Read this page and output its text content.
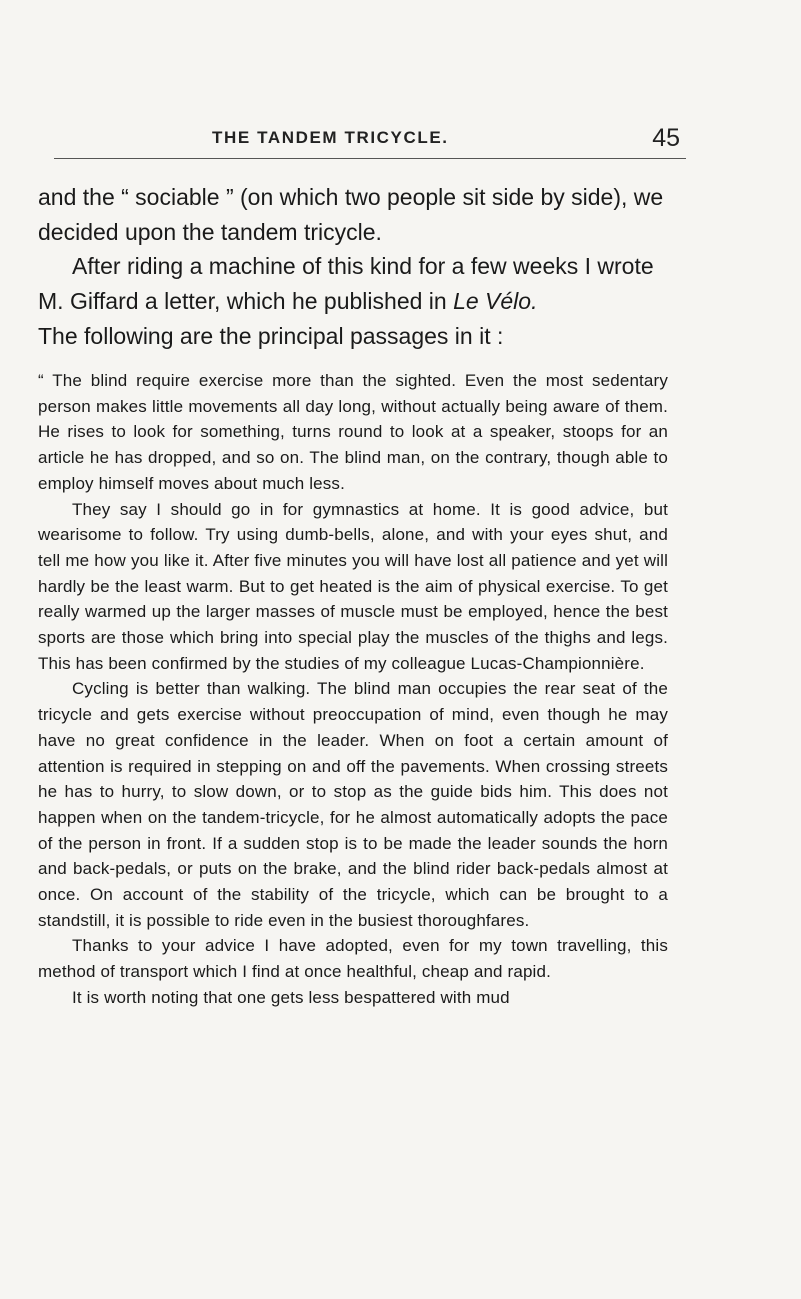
THE TANDEM TRICYCLE.	45

and the “ sociable ” (on which two people sit side by side), we decided upon the tandem tricycle.

After riding a machine of this kind for a few weeks I wrote M. Giffard a letter, which he published in Le Vélo.

The following are the principal passages in it :

“ The blind require exercise more than the sighted. Even the most sedentary person makes little movements all day long, without actually being aware of them. He rises to look for something, turns round to look at a speaker, stoops for an article he has dropped, and so on. The blind man, on the contrary, though able to employ himself moves about much less.

They say I should go in for gymnastics at home. It is good advice, but wearisome to follow. Try using dumb-bells, alone, and with your eyes shut, and tell me how you like it. After five minutes you will have lost all patience and yet will hardly be the least warm. But to get heated is the aim of physical exercise. To get really warmed up the larger masses of muscle must be employed, hence the best sports are those which bring into special play the muscles of the thighs and legs. This has been confirmed by the studies of my colleague Lucas-Championnière.

Cycling is better than walking. The blind man occupies the rear seat of the tricycle and gets exercise without preoccupation of mind, even though he may have no great confidence in the leader. When on foot a certain amount of attention is required in stepping on and off the pavements. When crossing streets he has to hurry, to slow down, or to stop as the guide bids him. This does not happen when on the tandem-tricycle, for he almost automatically adopts the pace of the person in front. If a sudden stop is to be made the leader sounds the horn and back-pedals, or puts on the brake, and the blind rider back-pedals almost at once. On account of the stability of the tricycle, which can be brought to a standstill, it is possible to ride even in the busiest thoroughfares.

Thanks to your advice I have adopted, even for my town travelling, this method of transport which I find at once healthful, cheap and rapid.

It is worth noting that one gets less bespattered with mud
